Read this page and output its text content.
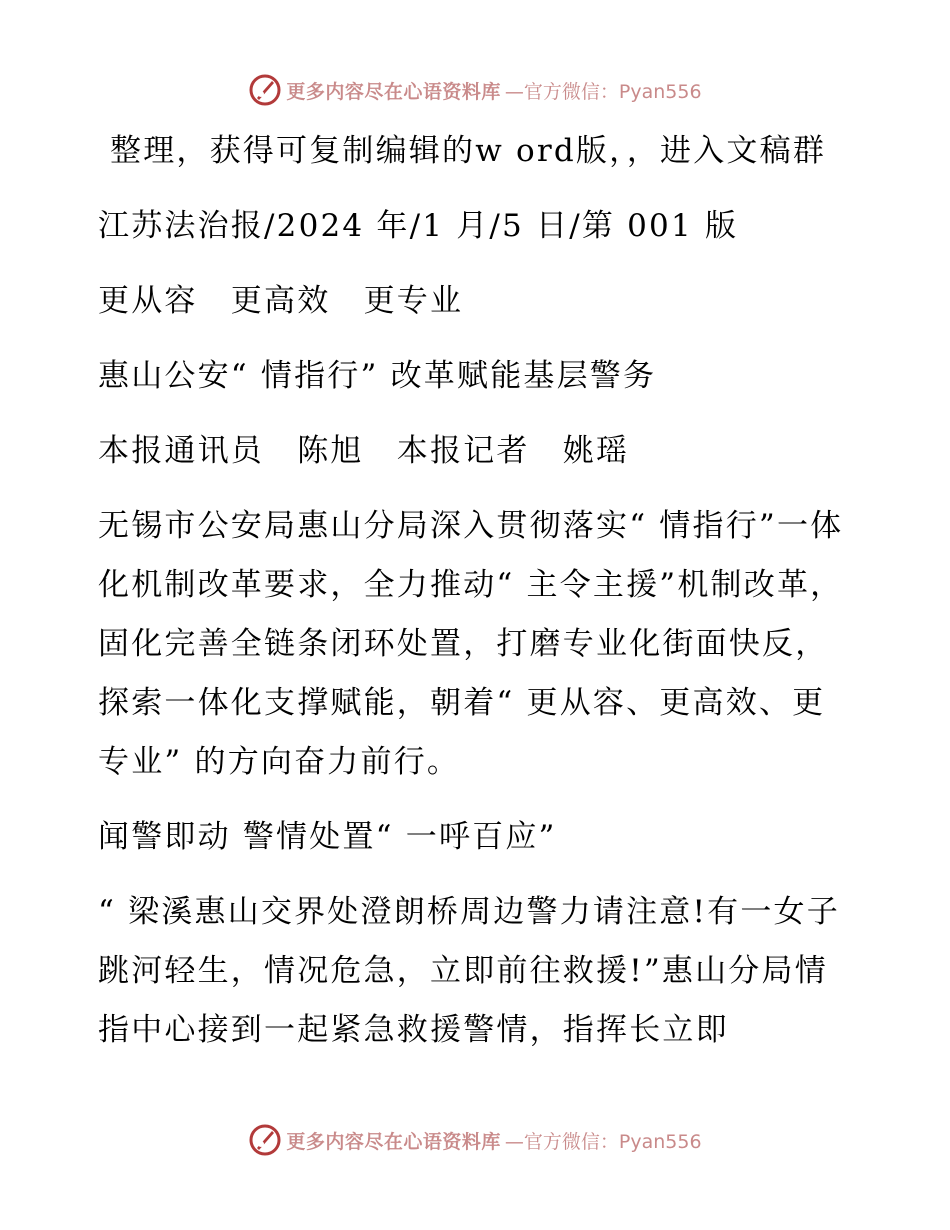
更多内容尽在心语资料库 —官方微信：Pyan556

整理，获得可复制编辑的w ord版，，进入文稿群

江苏法治报/2024 年/1 月/5 日/第 001 版

更从容　更高效　更专业

惠山公安“ 情指行” 改革赋能基层警务

本报通讯员　陈旭　本报记者　姚瑶

无锡市公安局惠山分局深入贯彻落实“ 情指行”一体化机制改革要求，全力推动“ 主令主援”机制改革，固化完善全链条闭环处置，打磨专业化街面快反，探索一体化支撑赋能，朝着“ 更从容、更高效、更专业” 的方向奋力前行。

闻警即动 警情处置“ 一呼百应”

“ 梁溪惠山交界处澄朗桥周边警力请注意!有一女子跳河轻生，情况危急，立即前往救援!”惠山分局情指中心接到一起紧急救援警情，指挥长立即

更多内容尽在心语资料库 —官方微信：Pyan556
